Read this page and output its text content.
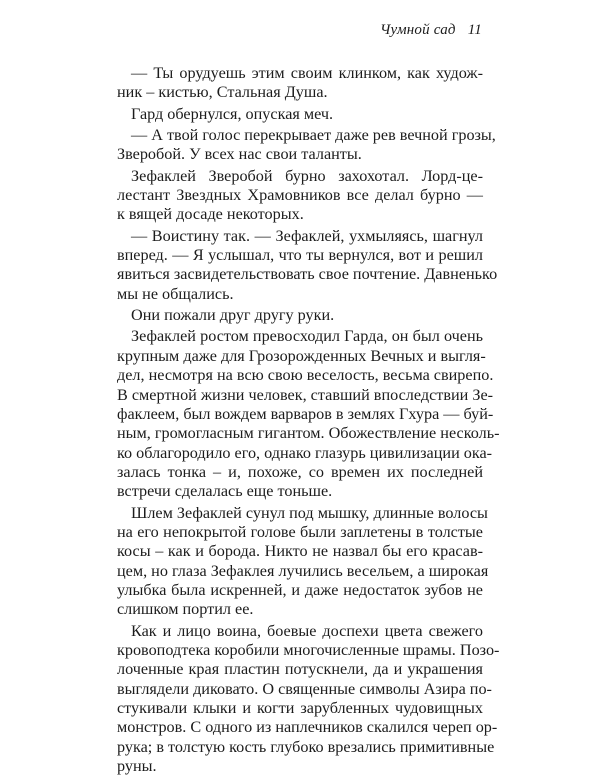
Чумной сад 11
— Ты орудуешь этим своим клинком, как худож-
ник – кистью, Стальная Душа.
Гард обернулся, опуская меч.
— А твой голос перекрывает даже рев вечной грозы,
Зверобой. У всех нас свои таланты.
Зефаклей Зверобой бурно захохотал. Лорд-це-
лестант Звездных Храмовников все делал бурно —
к вящей досаде некоторых.
— Воистину так. — Зефаклей, ухмыляясь, шагнул
вперед. — Я услышал, что ты вернулся, вот и решил
явиться засвидетельствовать свое почтение. Давненько
мы не общались.
Они пожали друг другу руки.
Зефаклей ростом превосходил Гарда, он был очень
крупным даже для Грозорожденных Вечных и выгля-
дел, несмотря на всю свою веселость, весьма свирепо.
В смертной жизни человек, ставший впоследствии Зе-
факлеем, был вождем варваров в землях Гхура — буй-
ным, громогласным гигантом. Обожествление несколь-
ко облагородило его, однако глазурь цивилизации ока-
залась тонка – и, похоже, со времен их последней
встречи сделалась еще тоньше.
Шлем Зефаклей сунул под мышку, длинные волосы
на его непокрытой голове были заплетены в толстые
косы – как и борода. Никто не назвал бы его красав-
цем, но глаза Зефаклея лучились весельем, а широкая
улыбка была искренней, и даже недостаток зубов не
слишком портил ее.
Как и лицо воина, боевые доспехи цвета свежего
кровоподтека коробили многочисленные шрамы. Позо-
лоченные края пластин потускнели, да и украшения
выглядели диковато. О священные символы Азира по-
стукивали клыки и когти зарубленных чудовищных
монстров. С одного из наплечников скалился череп ор-
рука; в толстую кость глубоко врезались примитивные
руны.
